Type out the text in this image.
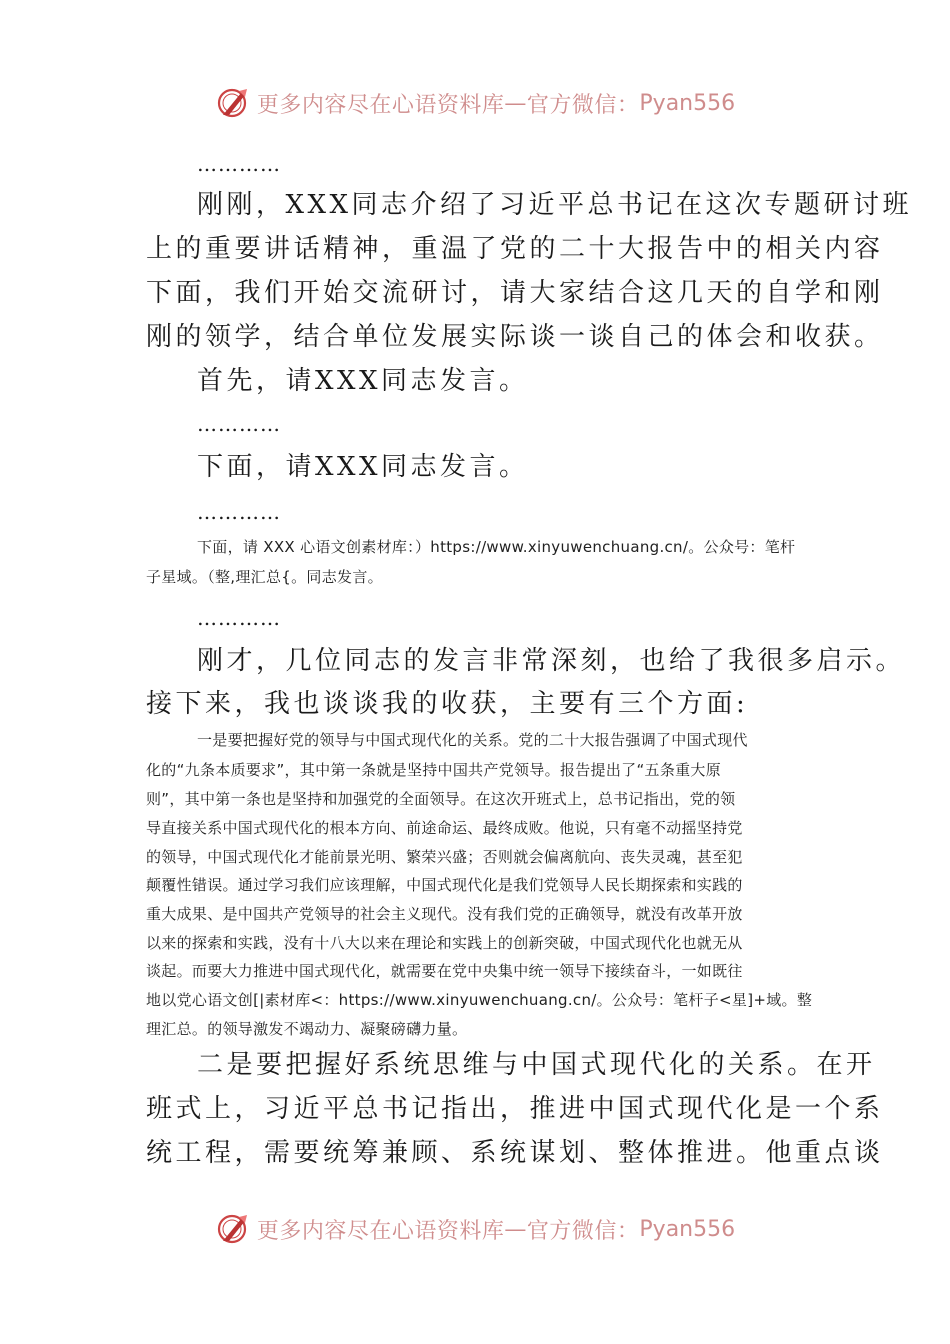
更多内容尽在心语资料库 — 官方微信： Pyan556

…………

刚刚，XXX同志介绍了习近平总书记在这次专题研讨班

上的重要讲话精神，重温了党的二十大报告中的相关内容

下面，我们开始交流研讨，请大家结合这几天的自学和刚

刚的领学，结合单位发展实际谈一谈自己的体会和收获。

首先，请XXX同志发言。

…………

下面，请XXX同志发言。

…………

下面，请 XXX 心语文创素材库：）https://www.xinyuwenchuang.cn/。公众号：笔杆

子星域。（整,理汇总{。同志发言。

…………

刚才，几位同志的发言非常深刻，也给了我很多启示。

接下来，我也谈谈我的收获，主要有三个方面:

一是要把握好党的领导与中国式现代化的关系。党的二十大报告强调了中国式现代

化的“九条本质要求”，其中第一条就是坚持中国共产党领导。报告提出了“五条重大原

则”，其中第一条也是坚持和加强党的全面领导。在这次开班式上，总书记指出，党的领

导直接关系中国式现代化的根本方向、前途命运、最终成败。他说，只有毫不动摇坚持党

的领导，中国式现代化才能前景光明、繁荣兴盛；否则就会偏离航向、丧失灵魂，甚至犯

颠覆性错误。通过学习我们应该理解，中国式现代化是我们党领导人民长期探索和实践的

重大成果、是中国共产党领导的社会主义现代。没有我们党的正确领导，就没有改革开放

以来的探索和实践，没有十八大以来在理论和实践上的创新突破，中国式现代化也就无从

谈起。而要大力推进中国式现代化，就需要在党中央集中统一领导下接续奋斗，一如既往

地以党心语文创[|素材库<：https://www.xinyuwenchuang.cn/。公众号：笔杆子<星]+域。整

理汇总。的领导激发不竭动力、凝聚磅礴力量。

二是要把握好系统思维与中国式现代化的关系。在开

班式上，习近平总书记指出，推进中国式现代化是一个系

统工程，需要统筹兼顾、系统谋划、整体推进。他重点谈

更多内容尽在心语资料库 — 官方微信： Pyan556
